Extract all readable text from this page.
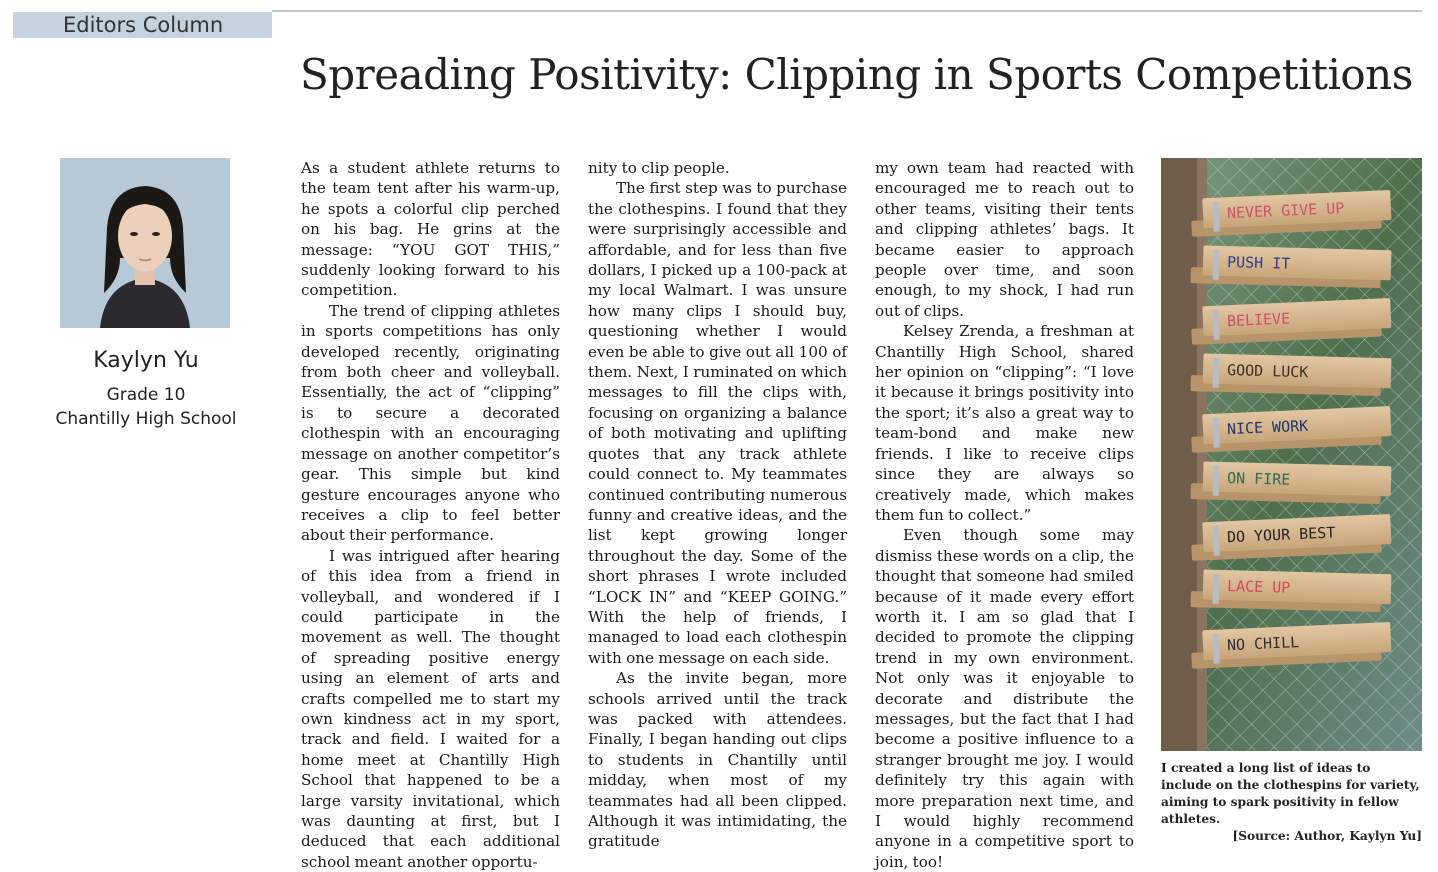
Editors Column
Spreading Positivity: Clipping in Sports Competitions
Kaylyn Yu
Grade 10
Chantilly High School

As a student athlete returns to the team tent after his warm-up, he spots a colorful clip perched on his bag. He grins at the message: “YOU GOT THIS,” suddenly looking forward to his competition.

The trend of clipping athletes in sports competitions has only developed recently, originating from both cheer and volleyball. Essentially, the act of “clipping” is to secure a decorated clothespin with an encouraging message on another competitor’s gear. This simple but kind gesture encourages anyone who receives a clip to feel better about their performance.

I was intrigued after hearing of this idea from a friend in volleyball, and wondered if I could participate in the movement as well. The thought of spreading positive energy using an element of arts and crafts compelled me to start my own kindness act in my sport, track and field. I waited for a home meet at Chantilly High School that happened to be a large varsity invitational, which was daunting at first, but I deduced that each additional school meant another opportu-

nity to clip people.

The first step was to purchase the clothespins. I found that they were surprisingly accessible and affordable, and for less than five dollars, I picked up a 100-pack at my local Walmart. I was unsure how many clips I should buy, questioning whether I would even be able to give out all 100 of them. Next, I ruminated on which messages to fill the clips with, focusing on organizing a balance of both motivating and uplifting quotes that any track athlete could connect to. My teammates continued contributing numerous funny and creative ideas, and the list kept growing longer throughout the day. Some of the short phrases I wrote included “LOCK IN” and “KEEP GOING.” With the help of friends, I managed to load each clothespin with one message on each side.

As the invite began, more schools arrived until the track was packed with attendees. Finally, I began handing out clips to students in Chantilly until midday, when most of my teammates had all been clipped. Although it was intimidating, the gratitude

my own team had reacted with encouraged me to reach out to other teams, visiting their tents and clipping athletes’ bags. It became easier to approach people over time, and soon enough, to my shock, I had run out of clips.

Kelsey Zrenda, a freshman at Chantilly High School, shared her opinion on “clipping”: “I love it because it brings positivity into the sport; it’s also a great way to team-bond and make new friends. I like to receive clips since they are always so creatively made, which makes them fun to collect.”

Even though some may dismiss these words on a clip, the thought that someone had smiled because of it made every effort worth it. I am so glad that I decided to promote the clipping trend in my own environment. Not only was it enjoyable to decorate and distribute the messages, but the fact that I had become a positive influence to a stranger brought me joy. I would definitely try this again with more preparation next time, and I would highly recommend anyone in a competitive sport to join, too!

NEVER GIVE UP
PUSH IT
BELIEVE
GOOD LUCK
NICE WORK
ON FIRE
DO YOUR BEST
LACE UP
NO CHILL
I created a long list of ideas to include on the clothespins for variety, aiming to spark positivity in fellow athletes.
[Source: Author, Kaylyn Yu]
